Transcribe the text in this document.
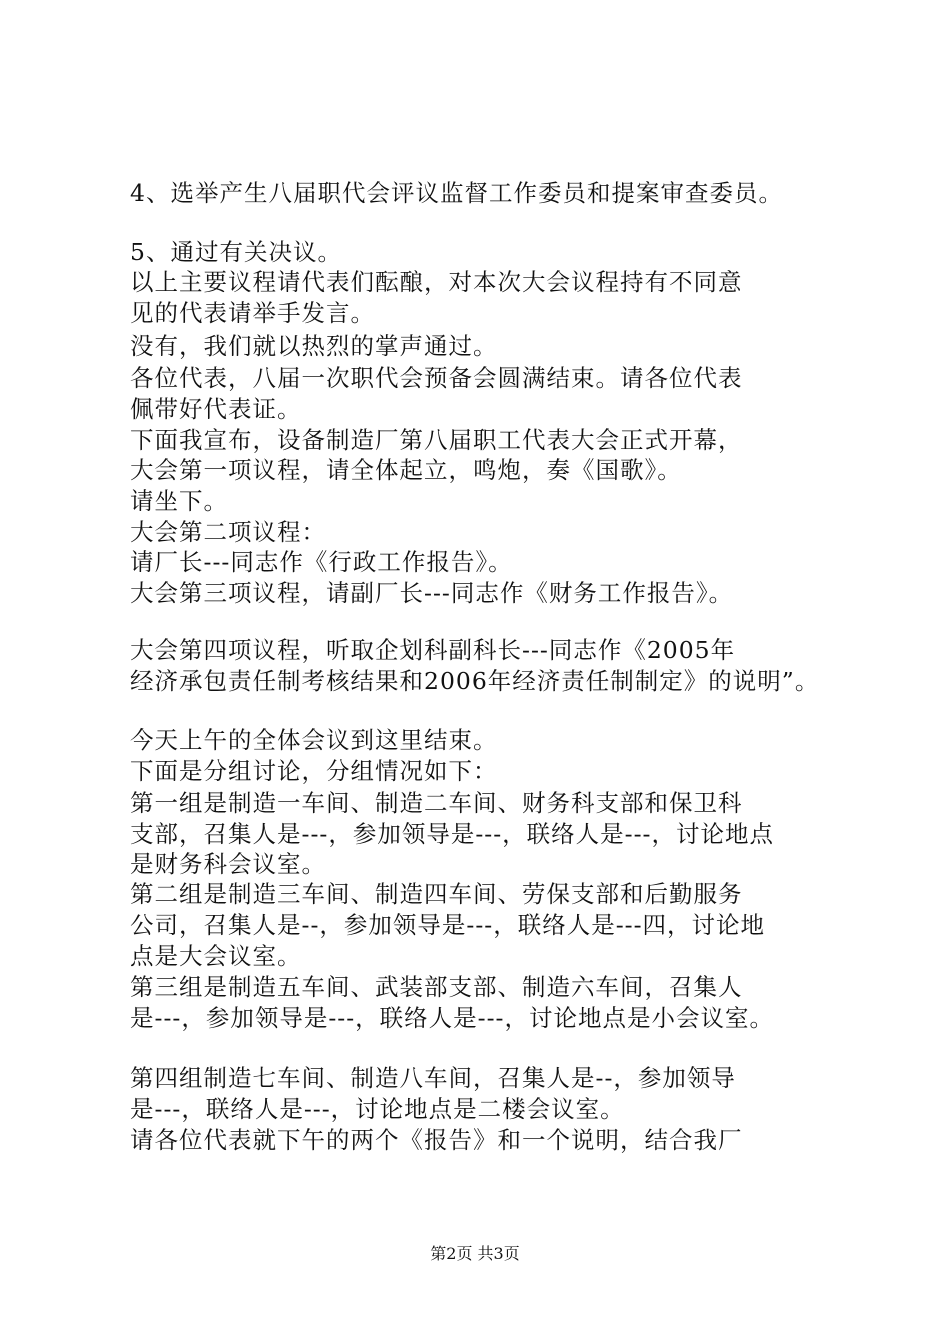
4、选举产生八届职代会评议监督工作委员和提案审查委员。
5、通过有关决议。
以上主要议程请代表们酝酿，对本次大会议程持有不同意
见的代表请举手发言。
没有，我们就以热烈的掌声通过。
各位代表，八届一次职代会预备会圆满结束。请各位代表
佩带好代表证。
下面我宣布，设备制造厂第八届职工代表大会正式开幕，
大会第一项议程，请全体起立，鸣炮，奏《国歌》。
请坐下。
大会第二项议程：
请厂长---同志作《行政工作报告》。
大会第三项议程，请副厂长---同志作《财务工作报告》。
大会第四项议程，听取企划科副科长---同志作《2005年
经济承包责任制考核结果和2006年经济责任制制定》的说明”。
今天上午的全体会议到这里结束。
下面是分组讨论，分组情况如下：
第一组是制造一车间、制造二车间、财务科支部和保卫科
支部，召集人是---，参加领导是---，联络人是---，讨论地点
是财务科会议室。
第二组是制造三车间、制造四车间、劳保支部和后勤服务
公司，召集人是--，参加领导是---，联络人是---四，讨论地
点是大会议室。
第三组是制造五车间、武装部支部、制造六车间，召集人
是---，参加领导是---，联络人是---，讨论地点是小会议室。
第四组制造七车间、制造八车间，召集人是--，参加领导
是---，联络人是---，讨论地点是二楼会议室。
请各位代表就下午的两个《报告》和一个说明，结合我厂
第2页 共3页
